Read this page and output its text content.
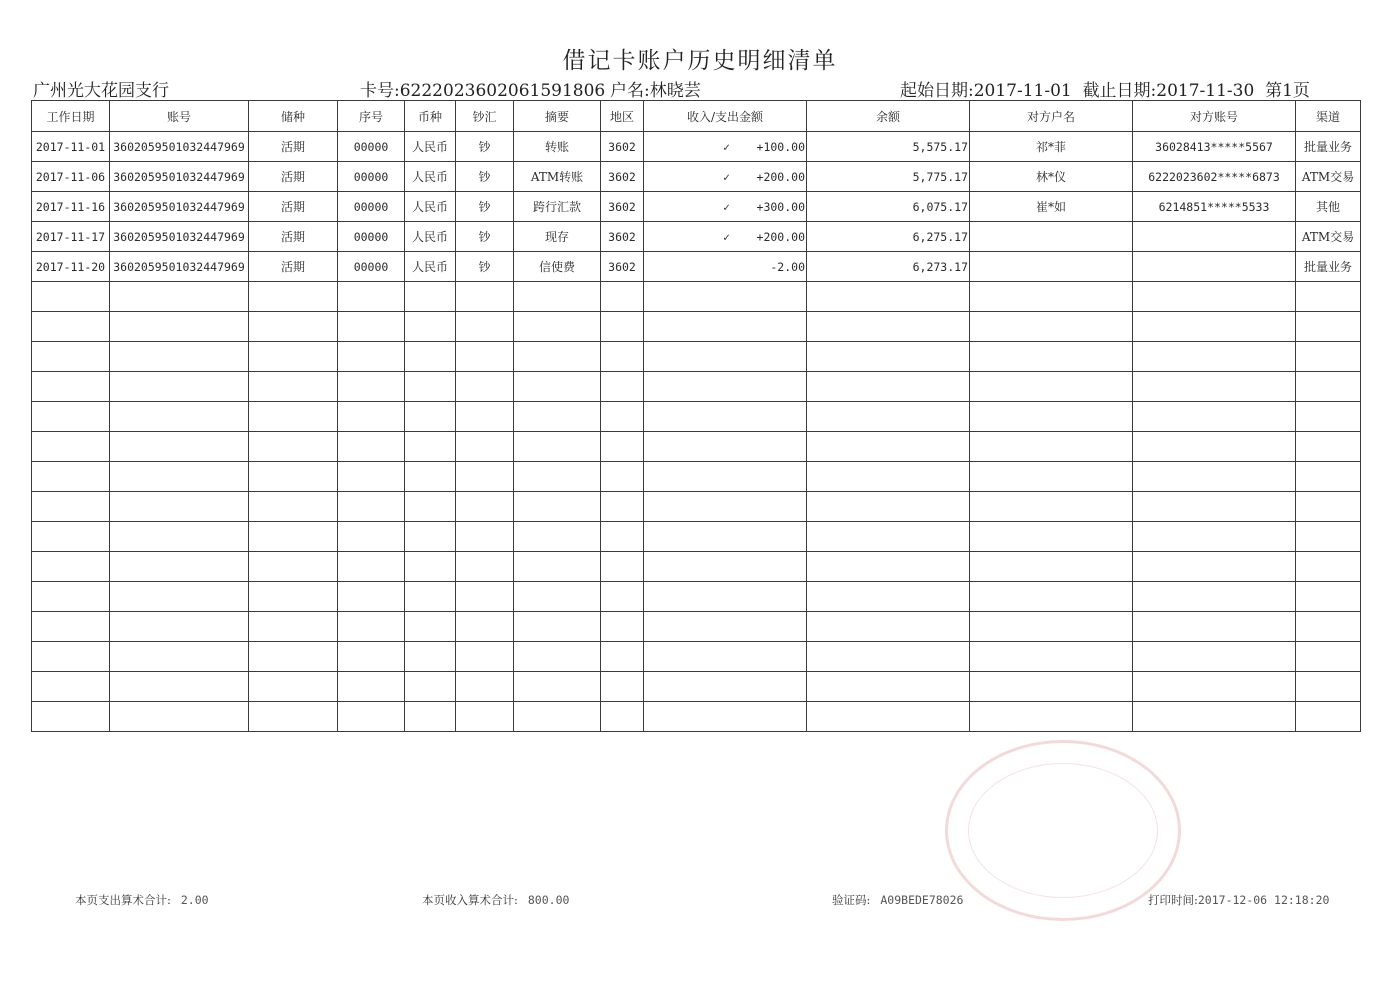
借记卡账户历史明细清单
广州光大花园支行	卡号:6222023602061591806 户名:林晓芸	起始日期:2017-11-01 截止日期:2017-11-30 第1页
工作日期	账号	储种	序号	币种	钞汇	摘要	地区	收入/支出金额	余额	对方户名	对方账号	渠道
2017-11-01	3602059501032447969	活期	00000	人民币	钞	转账	3602	✓ +100.00	5,575.17	祁*菲	36028413*****5567	批量业务
2017-11-06	3602059501032447969	活期	00000	人民币	钞	ATM转账	3602	✓ +200.00	5,775.17	林*仪	6222023602*****6873	ATM交易
2017-11-16	3602059501032447969	活期	00000	人民币	钞	跨行汇款	3602	✓ +300.00	6,075.17	崔*如	6214851*****5533	其他
2017-11-17	3602059501032447969	活期	00000	人民币	钞	现存	3602	✓ +200.00	6,275.17			ATM交易
2017-11-20	3602059501032447969	活期	00000	人民币	钞	信使费	3602	-2.00	6,273.17			批量业务

本页支出算术合计: 2.00	本页收入算术合计: 800.00	验证码: A09BEDE78026	打印时间:2017-12-06 12:18:20
